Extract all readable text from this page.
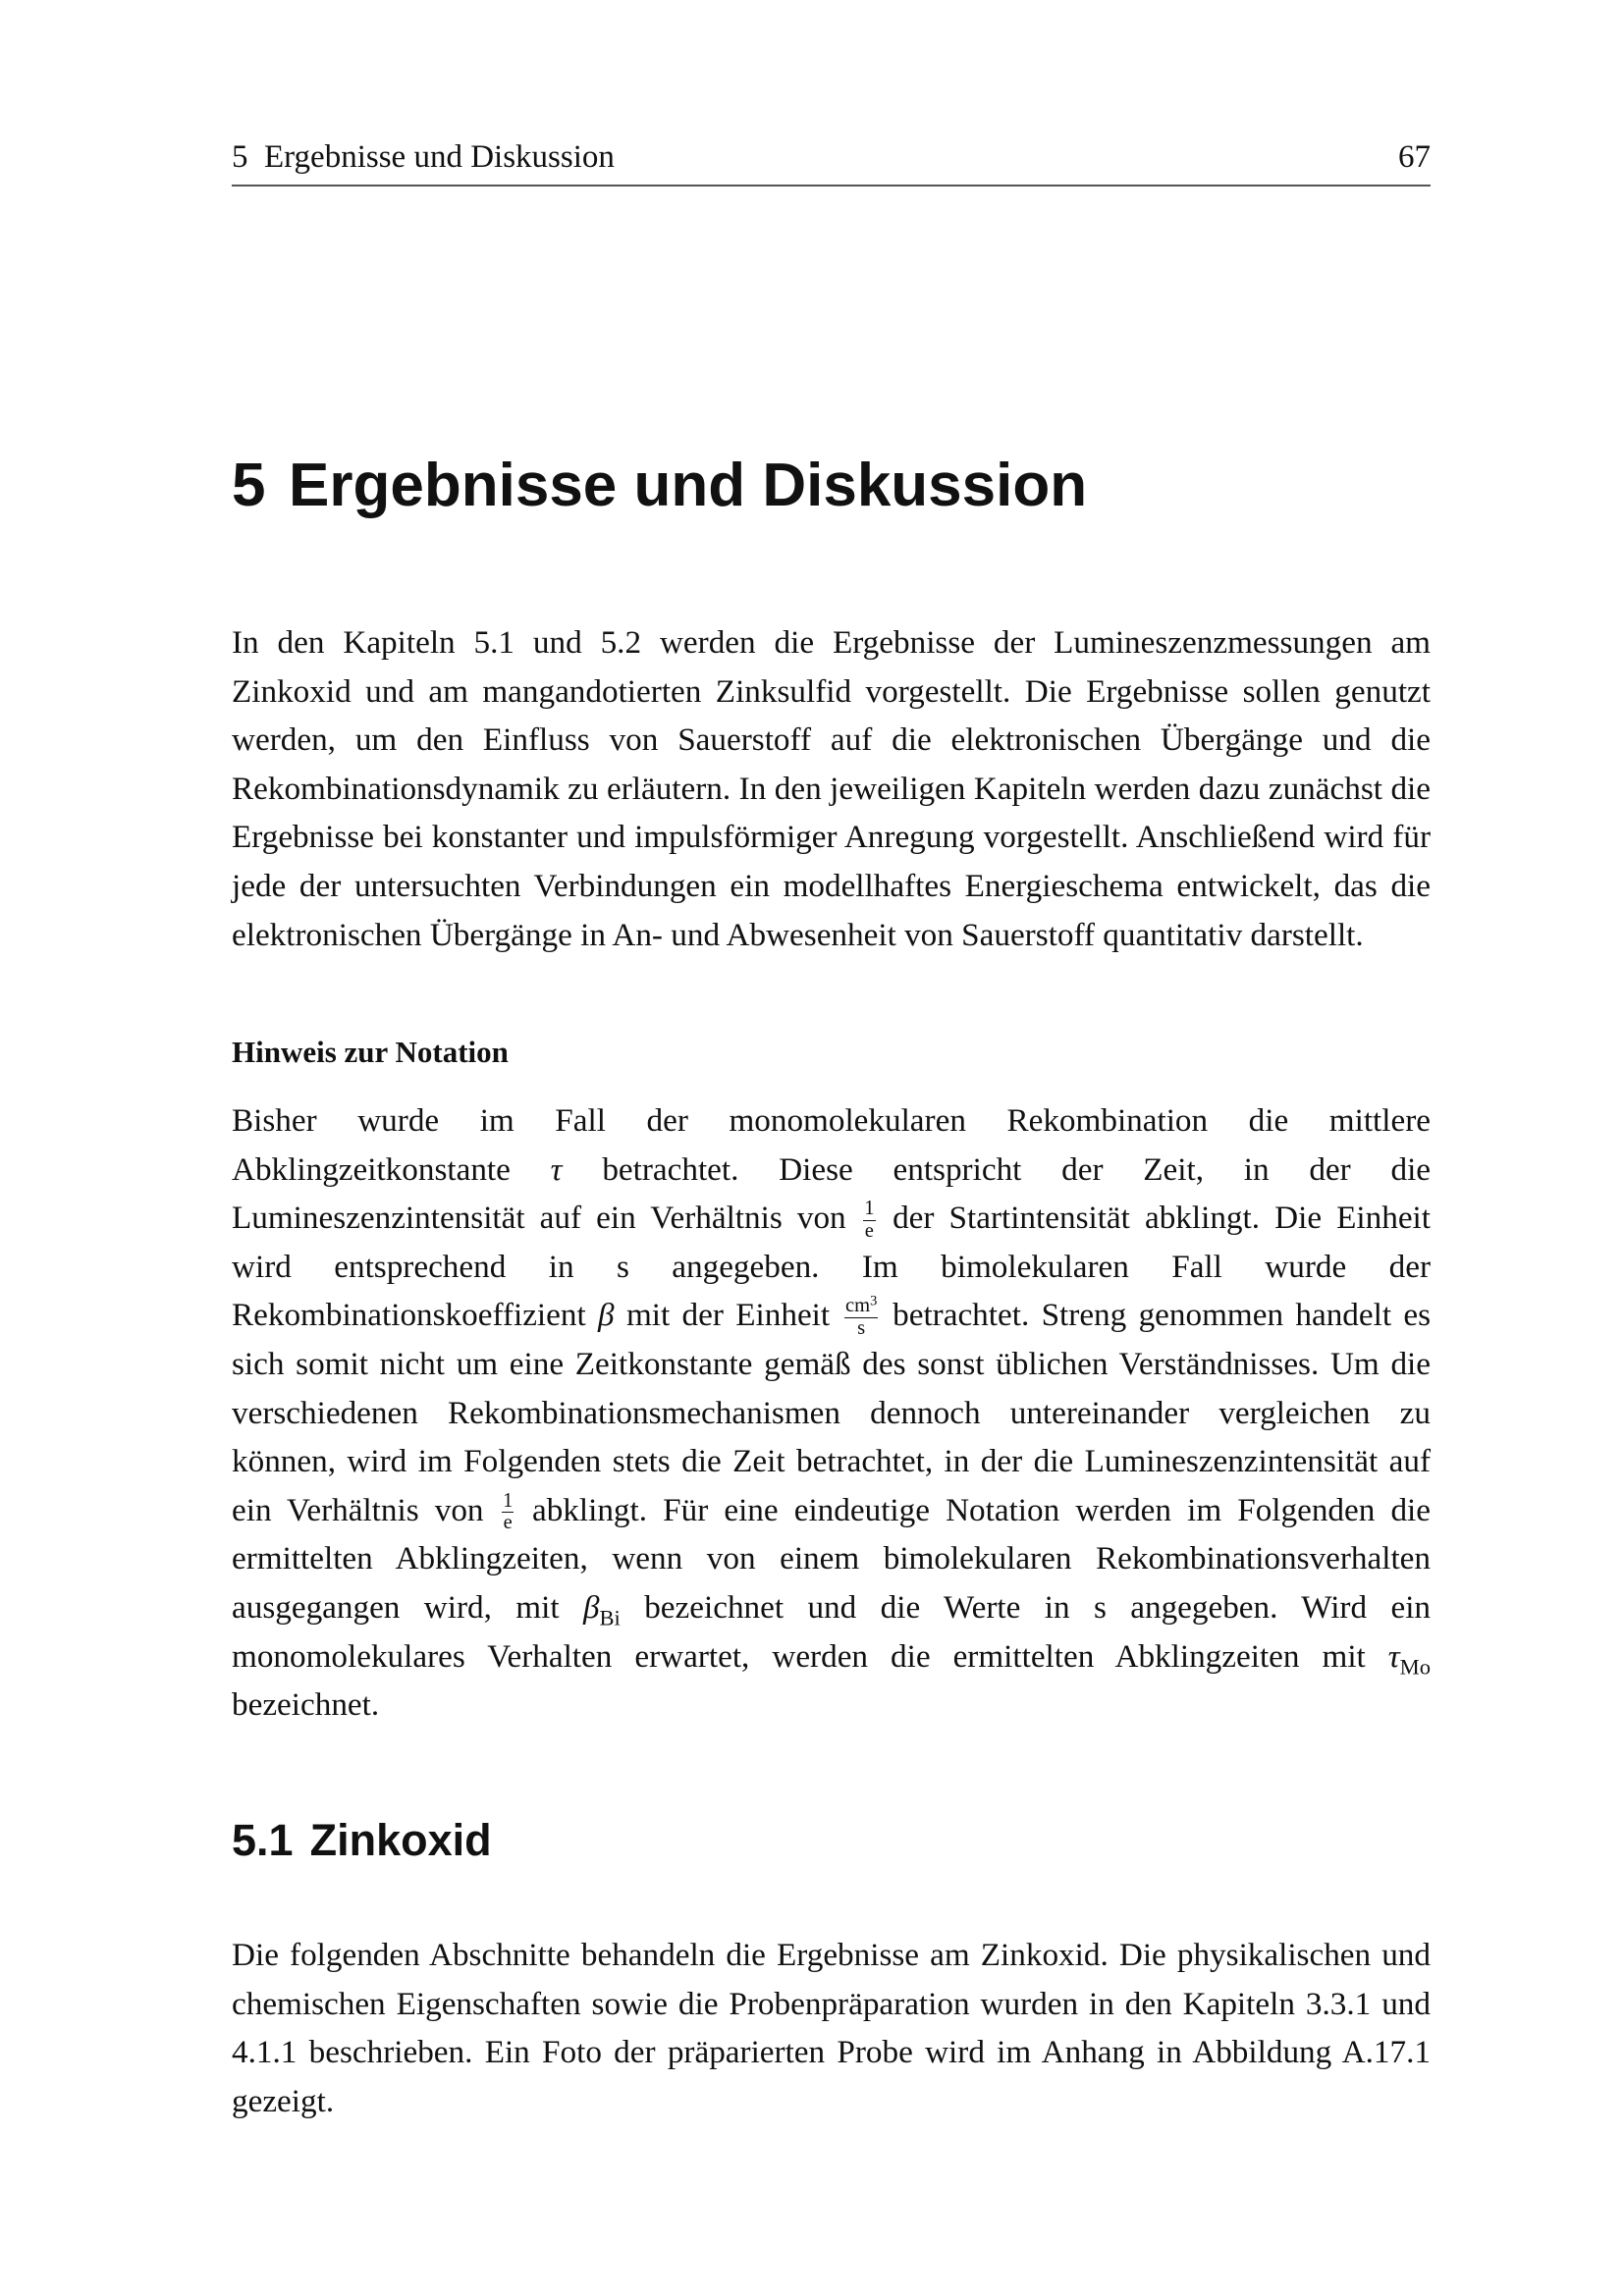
5  Ergebnisse und Diskussion	67
5 Ergebnisse und Diskussion

In den Kapiteln 5.1 und 5.2 werden die Ergebnisse der Lumineszenzmessungen am Zinkoxid und am mangandotierten Zinksulfid vorgestellt. Die Ergebnisse sollen genutzt werden, um den Einfluss von Sauerstoff auf die elektronischen Übergänge und die Rekombinationsdynamik zu erläutern. In den jeweiligen Kapiteln werden dazu zunächst die Ergebnisse bei konstanter und impulsförmiger Anregung vorgestellt. Anschließend wird für jede der untersuchten Verbindungen ein modellhaftes Energieschema entwickelt, das die elektronischen Übergänge in An- und Abwesenheit von Sauerstoff quantitativ darstellt.

Hinweis zur Notation

Bisher wurde im Fall der monomolekularen Rekombination die mittlere Abklingzeitkonstante τ betrachtet. Diese entspricht der Zeit, in der die Lumineszenzintensität auf ein Verhältnis von $\frac{1}{e}$ der Startintensität abklingt. Die Einheit wird entsprechend in s angegeben. Im bimolekularen Fall wurde der Rekombinationskoeffizient β mit der Einheit $\frac{cm^3}{s}$ betrachtet. Streng genommen handelt es sich somit nicht um eine Zeitkonstante gemäß des sonst üblichen Verständnisses. Um die verschiedenen Rekombinationsmechanismen dennoch untereinander vergleichen zu können, wird im Folgenden stets die Zeit betrachtet, in der die Lumineszenzintensität auf ein Verhältnis von $\frac{1}{e}$ abklingt. Für eine eindeutige Notation werden im Folgenden die ermittelten Abklingzeiten, wenn von einem bimolekularen Rekombinationsverhalten ausgegangen wird, mit $\beta_{Bi}$ bezeichnet und die Werte in s angegeben. Wird ein monomolekulares Verhalten erwartet, werden die ermittelten Abklingzeiten mit $\tau_{Mo}$ bezeichnet.

5.1 Zinkoxid

Die folgenden Abschnitte behandeln die Ergebnisse am Zinkoxid. Die physikalischen und chemischen Eigenschaften sowie die Probenpräparation wurden in den Kapiteln 3.3.1 und 4.1.1 beschrieben. Ein Foto der präparierten Probe wird im Anhang in Abbildung A.17.1 gezeigt.
